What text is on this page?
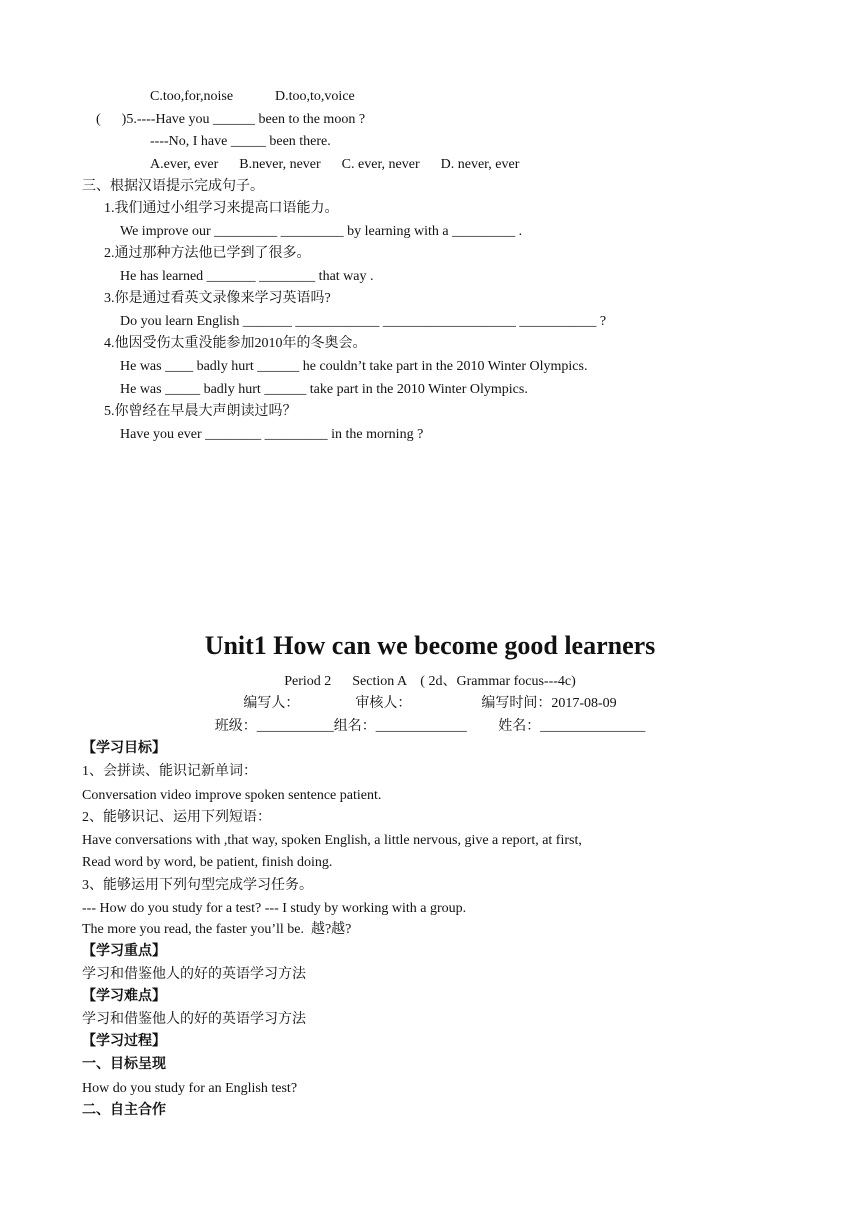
C.too,for,noise            D.too,to,voice
(      )5.----Have you ______ been to the moon ?
----No, I have _____ been there.
A.ever, ever      B.never, never      C. ever, never      D. never, ever
三、根据汉语提示完成句子。
1.我们通过小组学习来提高口语能力。
We improve our _________ _________ by learning with a _________ .
2.通过那种方法他已学到了很多。
He has learned _______ ________ that way .
3.你是通过看英文录像来学习英语吗?
Do you learn English _______ ____________ ___________________ ___________ ?
4.他因受伤太重没能参加2010年的冬奥会。
He was ____ badly hurt ______ he couldn’t take part in the 2010 Winter Olympics.
He was _____ badly hurt ______ take part in the 2010 Winter Olympics.
5.你曾经在早晨大声朗读过吗？
Have you ever ________ _________ in the morning ?
Unit1 How can we become good learners
Period 2      Section A    ( 2d、Grammar focus---4c)
编写人：                审核人：                    编写时间：2017-08-09
班级：___________组名：_____________         姓名：_______________
【学习目标】
1、会拼读、能识记新单词：
Conversation video improve spoken sentence patient.
2、能够识记、运用下列短语：
Have conversations with ,that way, spoken English, a little nervous, give a report, at first,
Read word by word, be patient, finish doing.
3、能够运用下列句型完成学习任务。
--- How do you study for a test? --- I study by working with a group.
The more you read, the faster you’ll be.  越?越?
【学习重点】
学习和借鉴他人的好的英语学习方法
【学习难点】
学习和借鉴他人的好的英语学习方法
【学习过程】
一、目标呈现
How do you study for an English test?
二、自主合作
